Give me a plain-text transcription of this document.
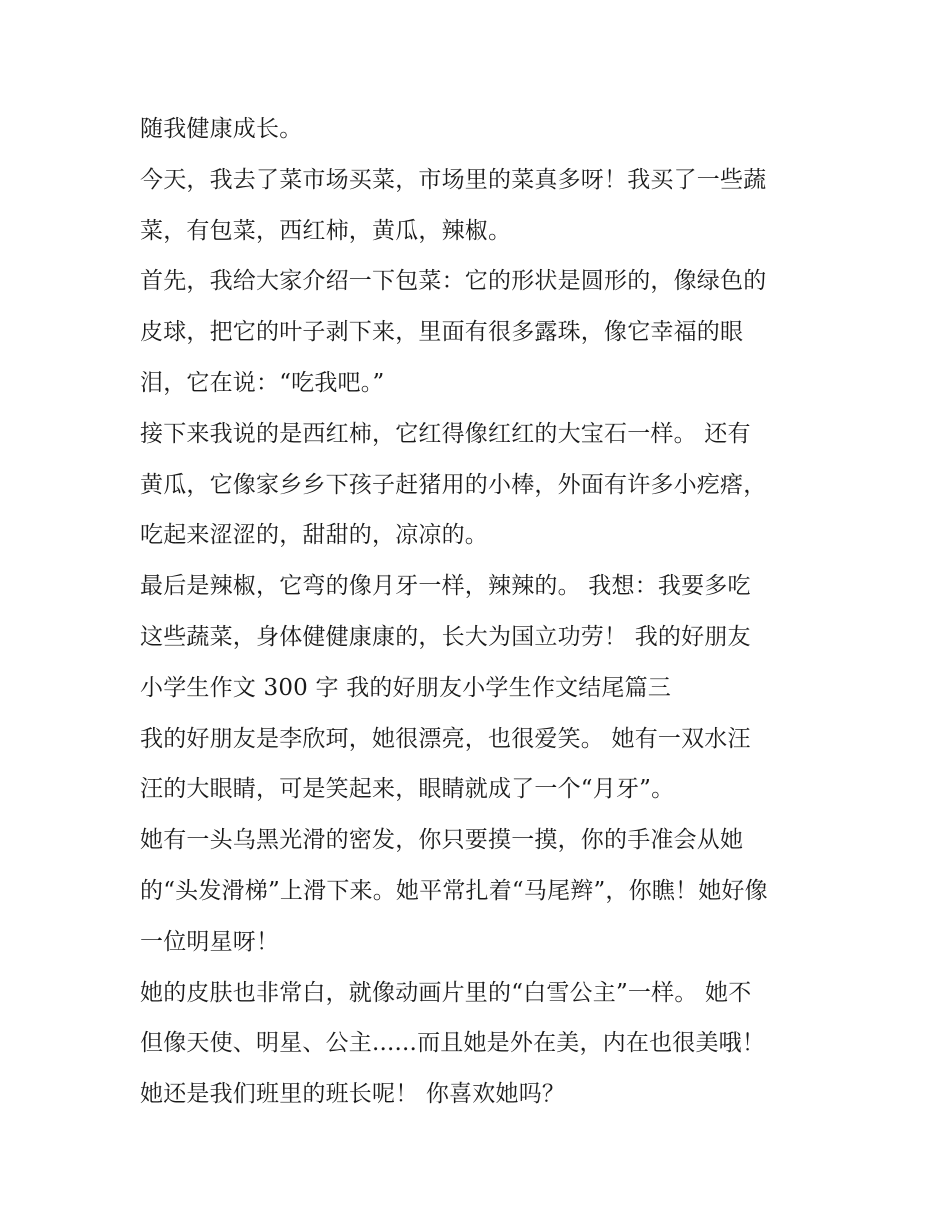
随我健康成长。
今天，我去了菜市场买菜，市场里的菜真多呀！我买了一些蔬
菜，有包菜，西红柿，黄瓜，辣椒。
首先，我给大家介绍一下包菜：它的形状是圆形的，像绿色的
皮球，把它的叶子剥下来，里面有很多露珠，像它幸福的眼
泪，它在说：“吃我吧。”
接下来我说的是西红柿，它红得像红红的大宝石一样。 还有
黄瓜，它像家乡乡下孩子赶猪用的小棒，外面有许多小疙瘩，
吃起来涩涩的，甜甜的，凉凉的。
最后是辣椒，它弯的像月牙一样，辣辣的。 我想：我要多吃
这些蔬菜，身体健健康康的，长大为国立功劳！ 我的好朋友
小学生作文 300 字 我的好朋友小学生作文结尾篇三
我的好朋友是李欣珂，她很漂亮，也很爱笑。 她有一双水汪
汪的大眼睛，可是笑起来，眼睛就成了一个“月牙”。
她有一头乌黑光滑的密发，你只要摸一摸，你的手准会从她
的“头发滑梯”上滑下来。她平常扎着“马尾辫”，你瞧！她好像
一位明星呀！
她的皮肤也非常白，就像动画片里的“白雪公主”一样。 她不
但像天使、明星、公主......而且她是外在美，内在也很美哦！
她还是我们班里的班长呢！ 你喜欢她吗？
